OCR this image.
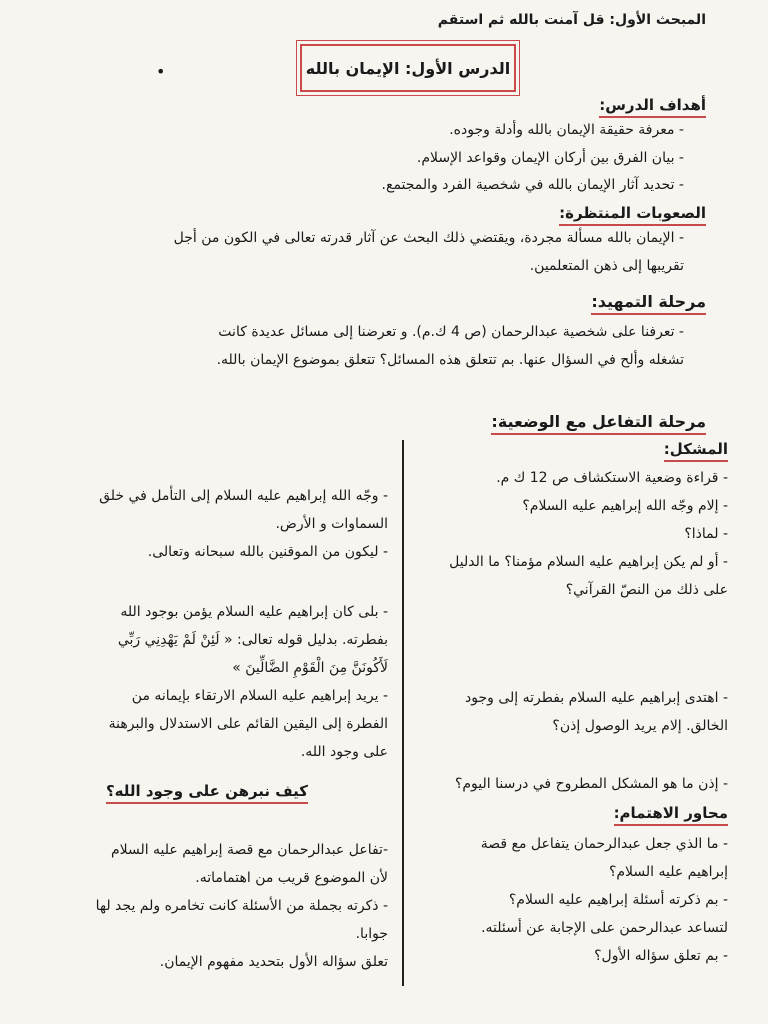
المبحث الأول: قل آمنت بالله ثم استقم
•	الدرس الأول: الإيمان بالله
أهداف الدرس:
- معرفة حقيقة الإيمان بالله وأدلة وجوده.
- بيان الفرق بين أركان الإيمان وقواعد الإسلام.
- تحديد آثار الإيمان بالله في شخصية الفرد والمجتمع.
الصعوبات المنتظرة:
- الإيمان بالله مسألة مجردة، ويقتضي ذلك البحث عن آثار قدرته تعالى في الكون من أجل
تقريبها إلى ذهن المتعلمين.
مرحلة التمهيد:
- تعرفنا على شخصية عبدالرحمان (ص 4 ك.م). و تعرضنا إلى مسائل عديدة كانت
تشغله وألح في السؤال عنها. بم تتعلق هذه المسائل؟ تتعلق بموضوع الإيمان بالله.
مرحلة التفاعل مع الوضعية:
المشكل:
- قراءة وضعية الاستكشاف ص 12 ك م.
- إلام وجّه الله إبراهيم عليه السلام؟
- لماذا؟
- أو لم يكن إبراهيم عليه السلام مؤمنا؟ ما الدليل
على ذلك من النصّ القرآني؟
- اهتدى إبراهيم عليه السلام بفطرته إلى وجود
الخالق. إلام يريد الوصول إذن؟
- إذن ما هو المشكل المطروح في درسنا اليوم؟
محاور الاهتمام:
- ما الذي جعل عبدالرحمان يتفاعل مع قصة
إبراهيم عليه السلام؟
- بم ذكرته أسئلة إبراهيم عليه السلام؟
لتساعد عبدالرحمن على الإجابة عن أسئلته.
- بم تعلق سؤاله الأول؟
- وجّه الله إبراهيم عليه السلام إلى التأمل في خلق
السماوات و الأرض.
- ليكون من الموقنين بالله سبحانه وتعالى.
- بلى كان إبراهيم عليه السلام يؤمن بوجود الله
بفطرته. بدليل قوله تعالى: « لَئِنْ لَمْ يَهْدِنِي رَبِّي
لَأَكُونَنَّ مِنَ الْقَوْمِ الضَّالِّينَ »
- يريد إبراهيم عليه السلام الارتقاء بإيمانه من
الفطرة إلى اليقين القائم على الاستدلال والبرهنة
على وجود الله.
كيف نبرهن على وجود الله؟
-تفاعل عبدالرحمان مع قصة إبراهيم عليه السلام
لأن الموضوع قريب من اهتماماته.
- ذكرته بجملة من الأسئلة كانت تخامره ولم يجد لها
جوابا.
تعلق سؤاله الأول بتحديد مفهوم الإيمان.
